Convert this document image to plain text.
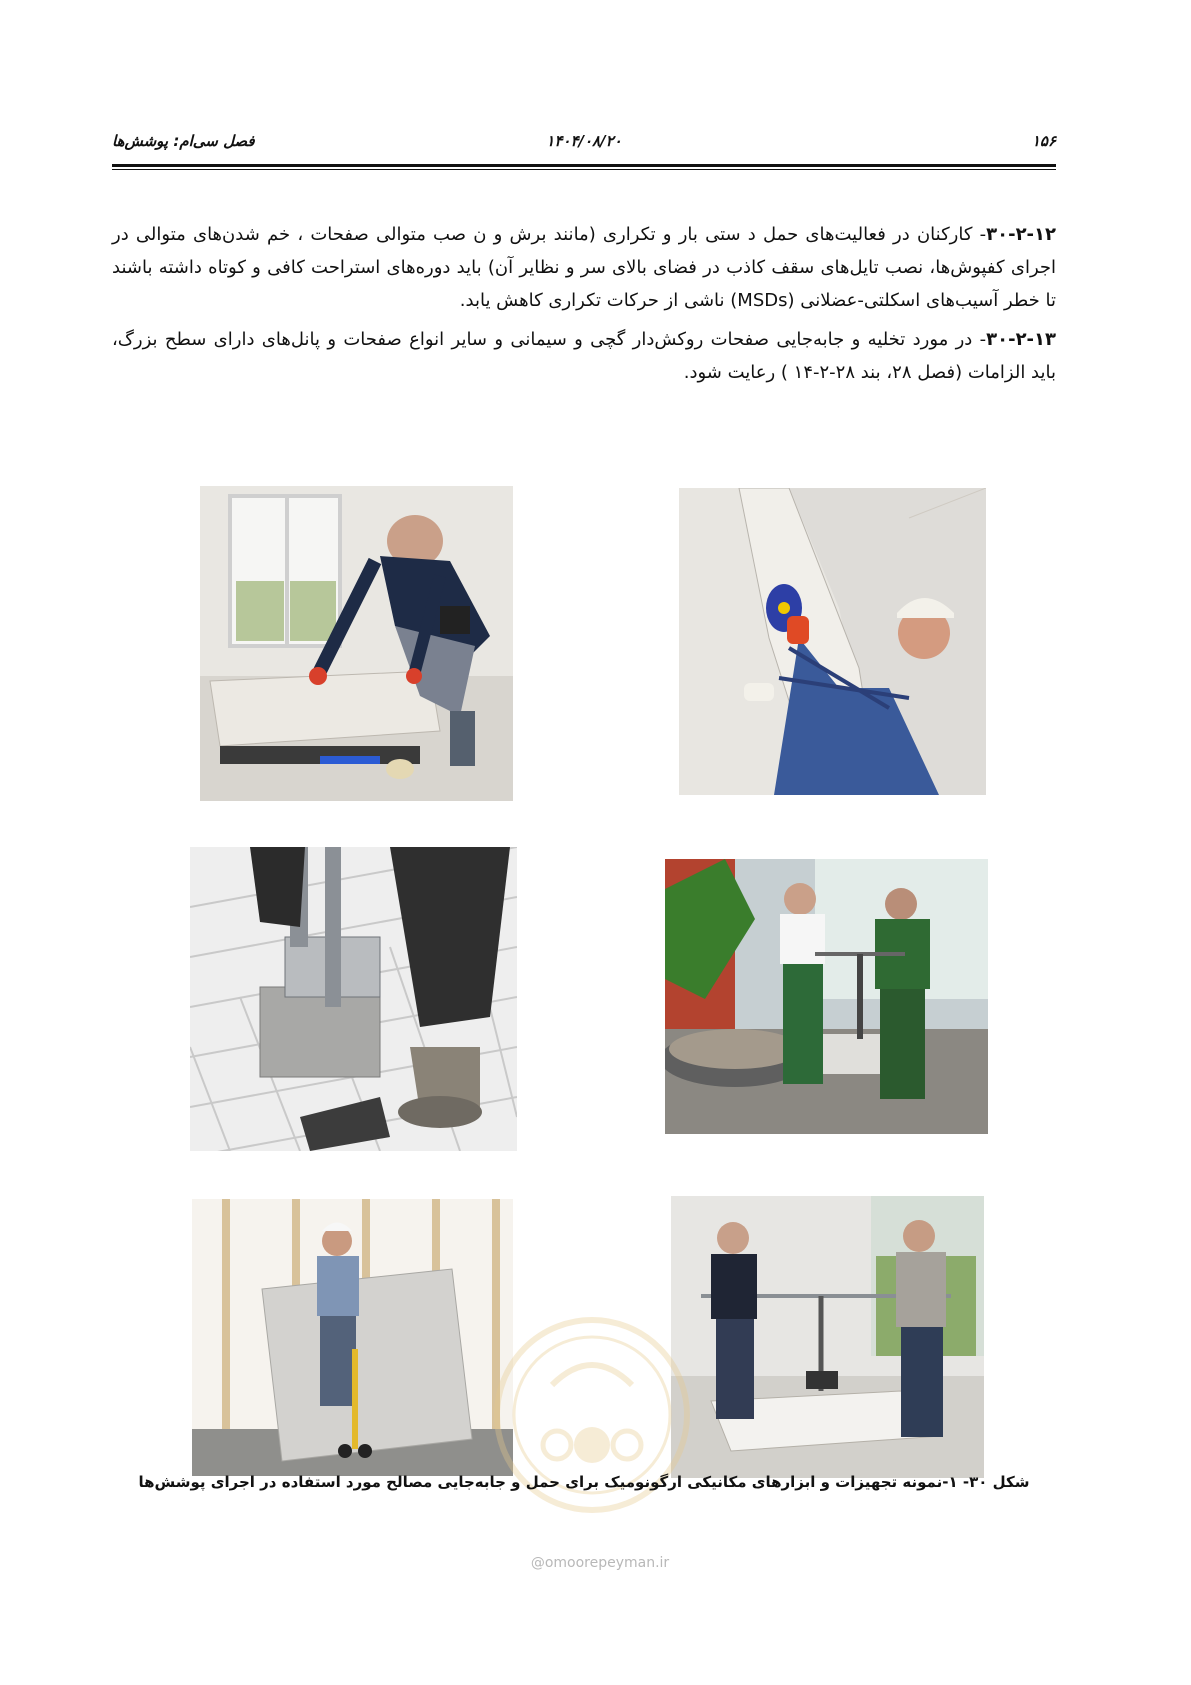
۱۵۶
۱۴۰۴/۰۸/۲۰
فصل سی‌ام: پوشش‌ها

۳۰-۲-۱۲- کارکنان در فعالیت‌های حمل د ستی بار و تکراری (مانند برش و ن صب متوالی صفحات ، خم شدن‌های متوالی در اجرای کفپوش‌ها، نصب تایل‌های سقف کاذب در فضای بالای سر و نظایر آن) باید دوره‌های استراحت کافی و کوتاه داشته باشند تا خطر آسیب‌های اسکلتی-عضلانی (MSDs) ناشی از حرکات تکراری کاهش یابد.

۳۰-۲-۱۳- در مورد تخلیه و جابه‌جایی صفحات روکش‌دار گچی و سیمانی و سایر انواع صفحات و پانل‌های دارای سطح بزرگ، باید الزامات (فصل ۲۸، بند ۲۸-۲-۱۴ ) رعایت شود.

@omoorepeyman.ir
شکل ۳۰- ۱-نمونه تجهیزات و ابزارهای مکانیکی ارگونومیک برای حمل و جابه‌جایی مصالح مورد استفاده در اجرای پوشش‌ها
